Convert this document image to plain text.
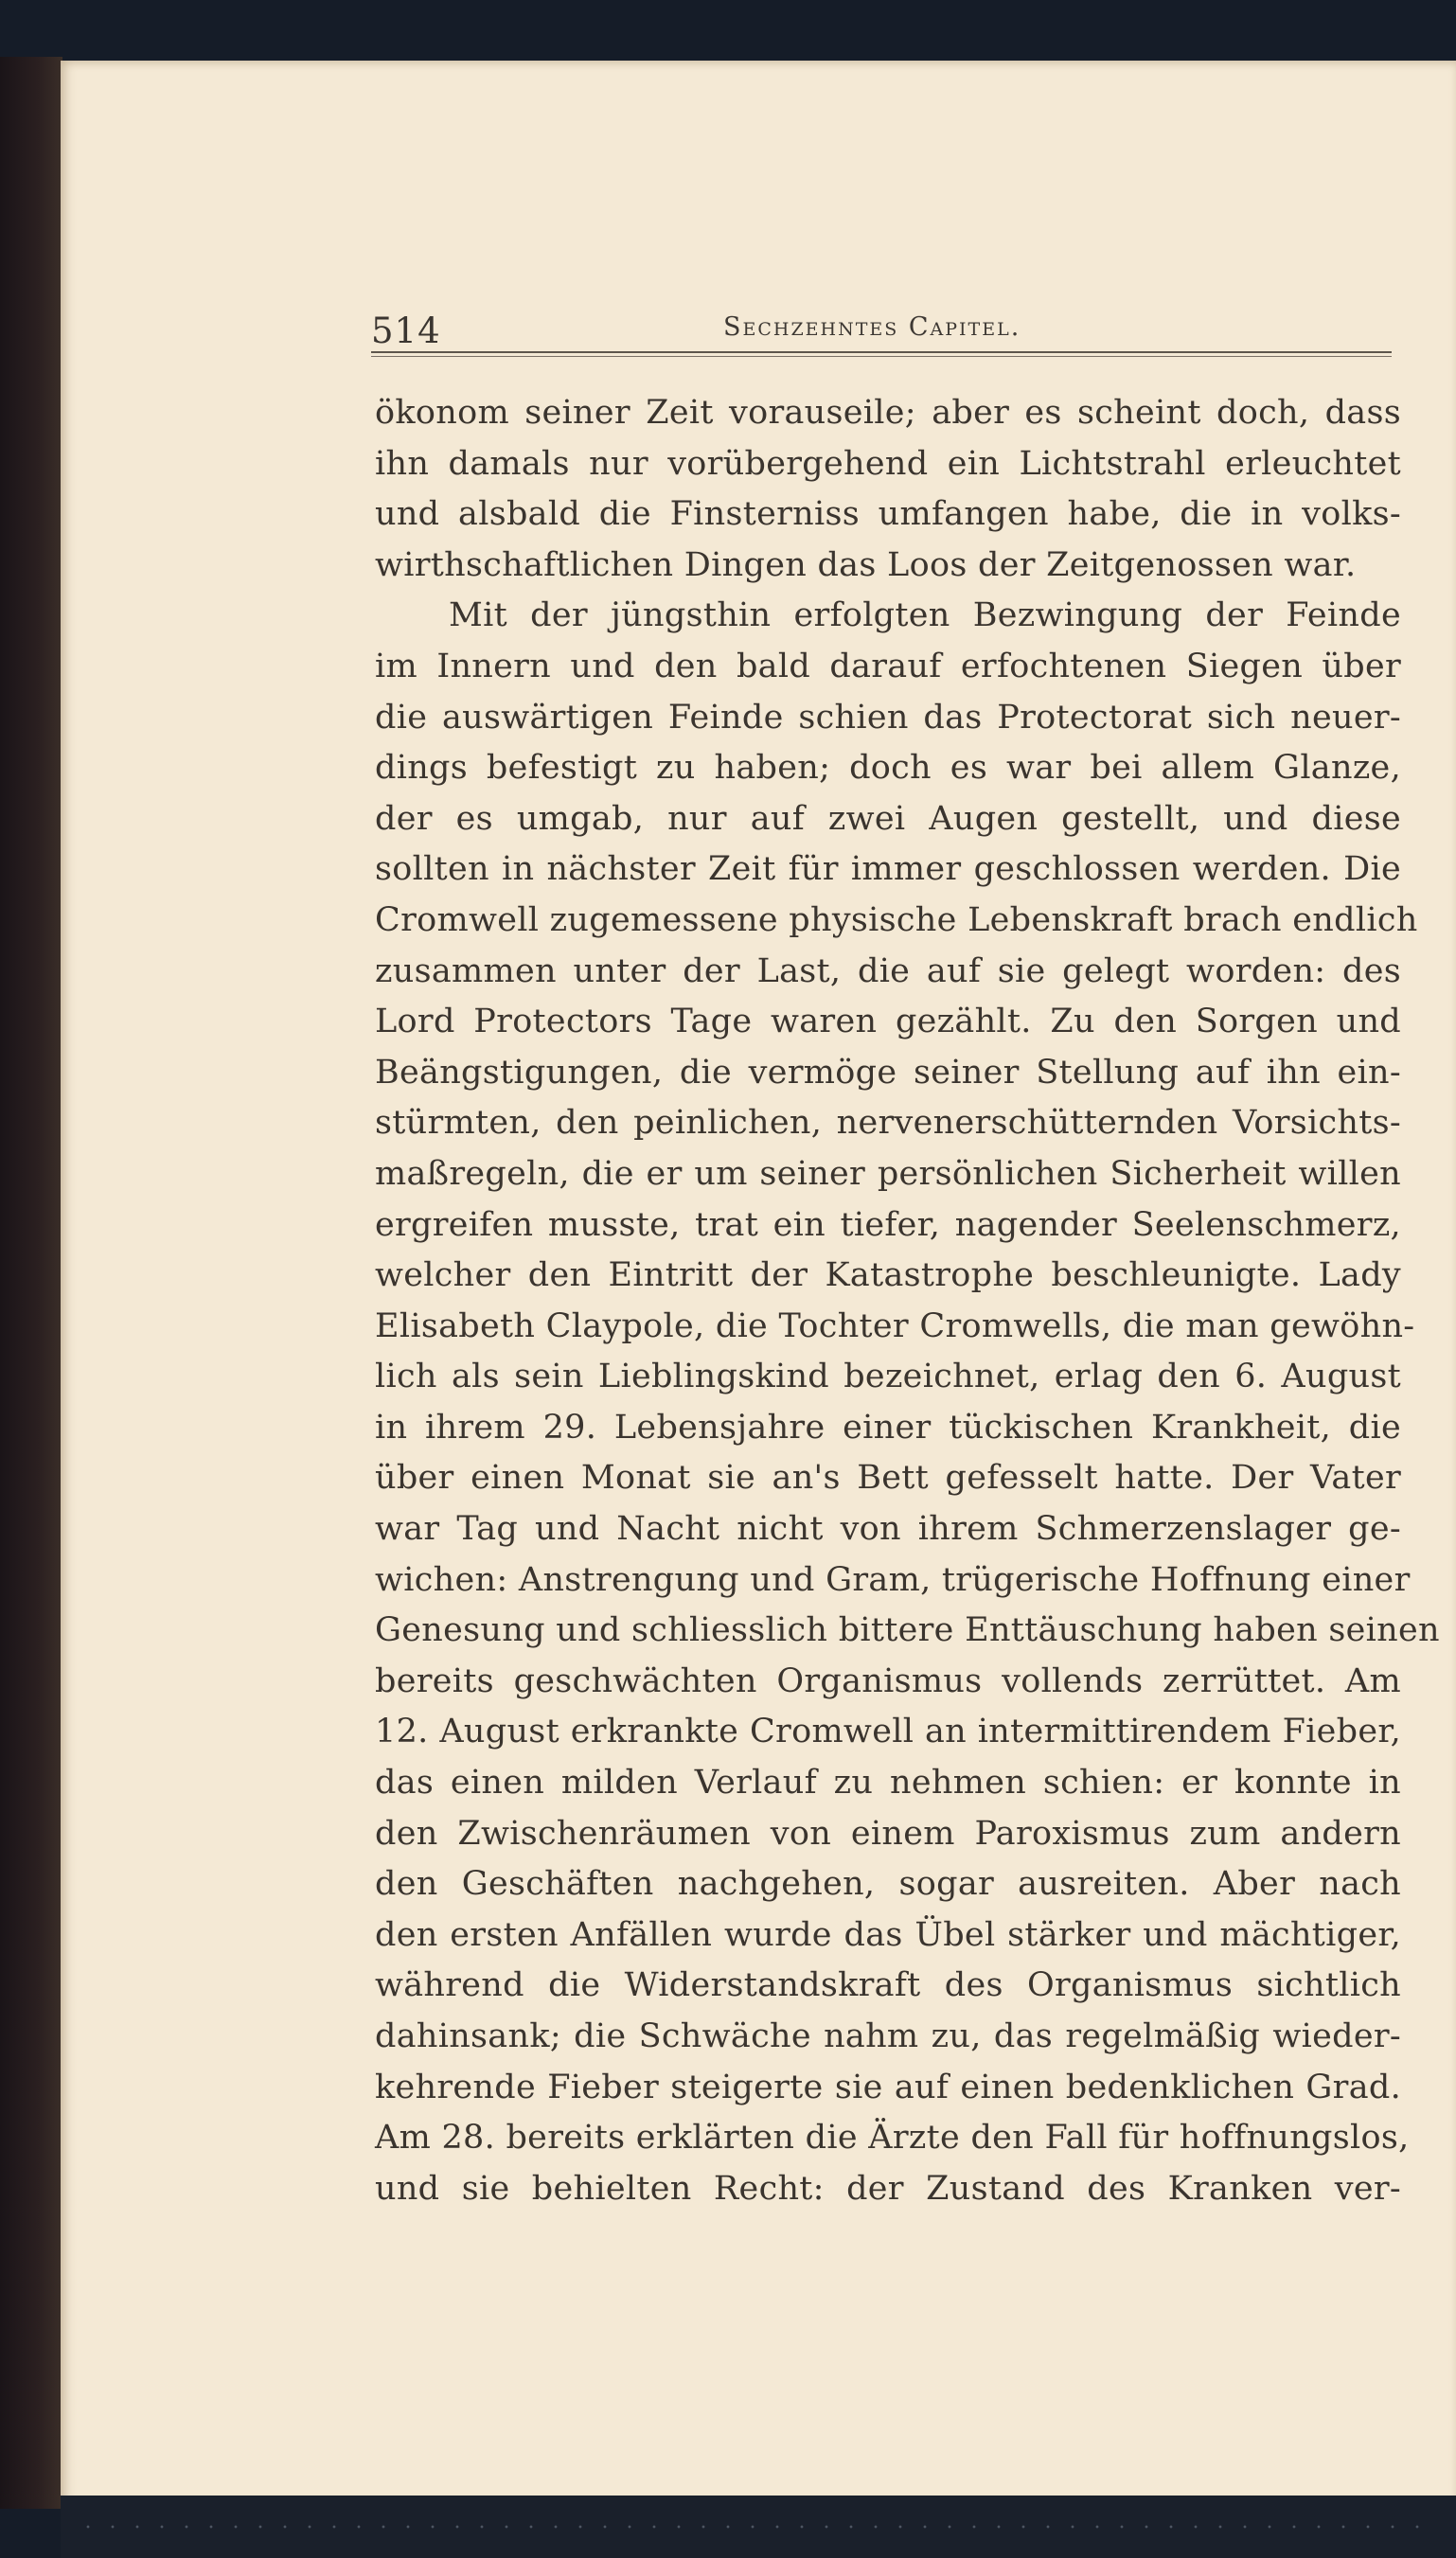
514	Sechzehntes Capitel.
ökonom seiner Zeit vorauseile; aber es scheint doch, dass
ihn damals nur vorübergehend ein Lichtstrahl erleuchtet
und alsbald die Finsterniss umfangen habe, die in volks-
wirthschaftlichen Dingen das Loos der Zeitgenossen war.
Mit der jüngsthin erfolgten Bezwingung der Feinde
im Innern und den bald darauf erfochtenen Siegen über
die auswärtigen Feinde schien das Protectorat sich neuer-
dings befestigt zu haben; doch es war bei allem Glanze,
der es umgab, nur auf zwei Augen gestellt, und diese
sollten in nächster Zeit für immer geschlossen werden. Die
Cromwell zugemessene physische Lebenskraft brach endlich
zusammen unter der Last, die auf sie gelegt worden: des
Lord Protectors Tage waren gezählt. Zu den Sorgen und
Beängstigungen, die vermöge seiner Stellung auf ihn ein-
stürmten, den peinlichen, nervenerschütternden Vorsichts-
maßregeln, die er um seiner persönlichen Sicherheit willen
ergreifen musste, trat ein tiefer, nagender Seelenschmerz,
welcher den Eintritt der Katastrophe beschleunigte. Lady
Elisabeth Claypole, die Tochter Cromwells, die man gewöhn-
lich als sein Lieblingskind bezeichnet, erlag den 6. August
in ihrem 29. Lebensjahre einer tückischen Krankheit, die
über einen Monat sie an's Bett gefesselt hatte. Der Vater
war Tag und Nacht nicht von ihrem Schmerzenslager ge-
wichen: Anstrengung und Gram, trügerische Hoffnung einer
Genesung und schliesslich bittere Enttäuschung haben seinen
bereits geschwächten Organismus vollends zerrüttet. Am
12. August erkrankte Cromwell an intermittirendem Fieber,
das einen milden Verlauf zu nehmen schien: er konnte in
den Zwischenräumen von einem Paroxismus zum andern
den Geschäften nachgehen, sogar ausreiten. Aber nach
den ersten Anfällen wurde das Übel stärker und mächtiger,
während die Widerstandskraft des Organismus sichtlich
dahinsank; die Schwäche nahm zu, das regelmäßig wieder-
kehrende Fieber steigerte sie auf einen bedenklichen Grad.
Am 28. bereits erklärten die Ärzte den Fall für hoffnungslos,
und sie behielten Recht: der Zustand des Kranken ver-
